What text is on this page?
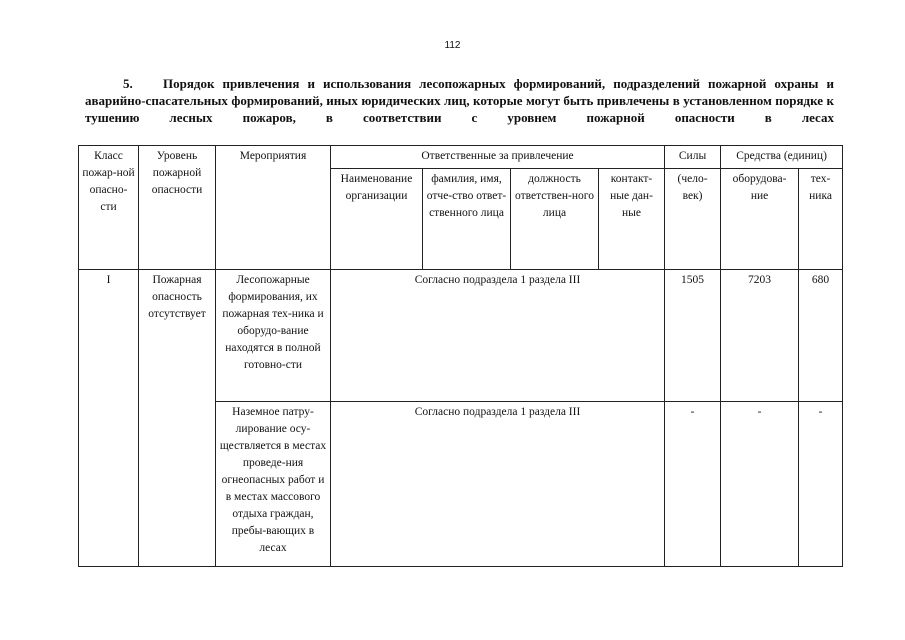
112
5. Порядок привлечения и использования лесопожарных формирований, подразделений пожарной охраны и аварийно-спасательных формирований, иных юридических лиц, которые могут быть привлечены в установленном порядке к тушению лесных пожаров, в соответствии с уровнем пожарной опасности в лесах
Класс пожар-ной опасно-сти	Уровень пожарной опасности	Мероприятия	Ответственные за привлечение				Силы	Средства (единиц)	

			Наименование организации	фамилия, имя, отче-ство ответ-ственного лица	должность ответствен-ного лица	контакт-ные дан-ные	(чело-век)	оборудова-ние	тех-ника

I	Пожарная опасность отсутствует	Лесопожарные формирования, их пожарная тех-ника и оборудо-вание находятся в полной готовно-сти	Согласно подраздела 1 раздела III				1505	7203	680

		Наземное патру-лирование осу-ществляется в местах проведе-ния огнеопасных работ и в местах массового отдыха граждан, пребы-вающих в лесах	Согласно подраздела 1 раздела III				-	-	-
